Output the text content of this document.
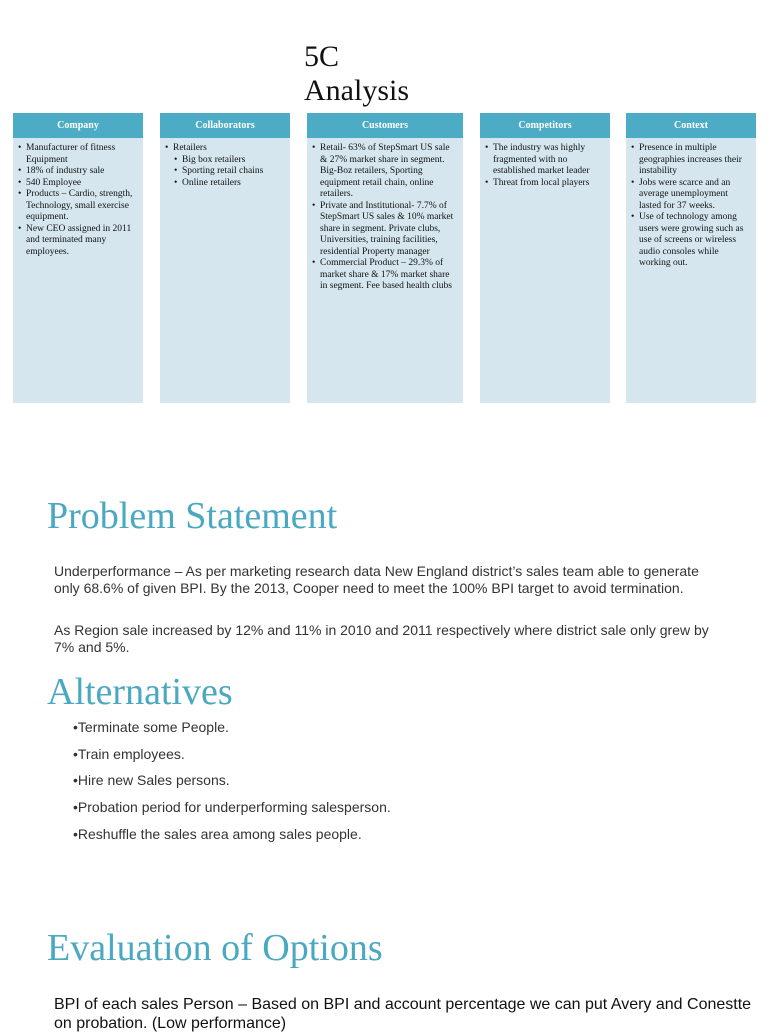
5C
Analysis
Company
• Manufacturer of fitness Equipment
• 18% of industry sale
• 540 Employee
• Products – Cardio, strength, Technology, small exercise equipment.
• New CEO assigned in 2011 and terminated many employees.
Collaborators
• Retailers
• Big box retailers
• Sporting retail chains
• Online retailers
Customers
• Retail- 63% of StepSmart US sale & 27% market share in segment. Big-Boz retailers, Sporting equipment retail chain, online retailers.
• Private and Institutional- 7.7% of StepSmart US sales & 10% market share in segment. Private clubs, Universities, training facilities, residential Property manager
• Commercial Product – 29.3% of market share & 17% market share in segment. Fee based health clubs
Competitors
• The industry was highly fragmented with no established market leader
• Threat from local players
Context
• Presence in multiple geographies increases their instability
• Jobs were scarce and an average unemployment lasted for 37 weeks.
• Use of technology among users were growing such as use of screens or wireless audio consoles while working out.
Problem Statement
Underperformance – As per marketing research data New England district’s sales team able to generate only 68.6% of given BPI. By the 2013, Cooper need to meet the 100% BPI target to avoid termination.
As Region sale increased by 12% and 11% in 2010 and 2011 respectively where district sale only grew by 7% and 5%.
Alternatives
•Terminate some People.
•Train employees.
•Hire new Sales persons.
•Probation period for underperforming salesperson.
•Reshuffle the sales area among sales people.
Evaluation of Options
BPI of each sales Person – Based on BPI and account percentage we can put Avery and Conestte on probation. (Low performance)
